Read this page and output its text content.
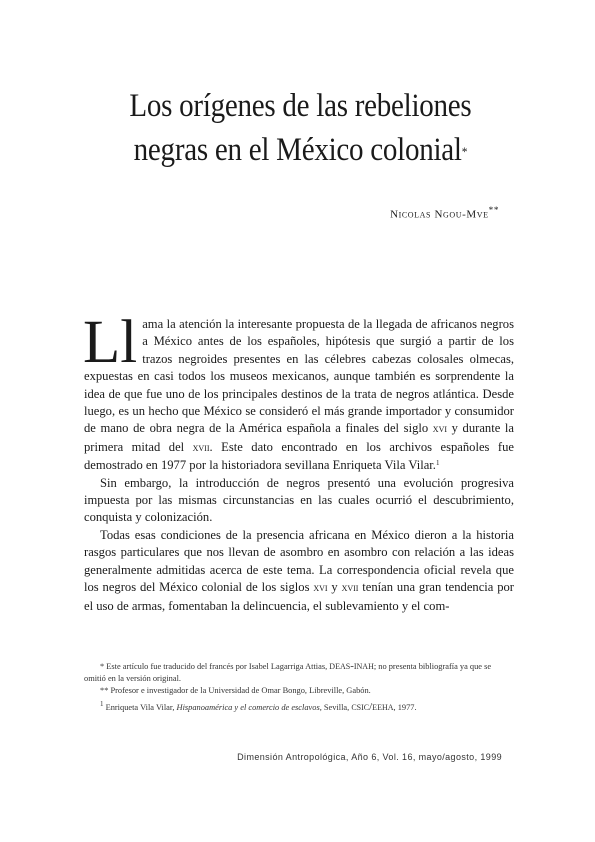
Los orígenes de las rebeliones
negras en el México colonial*
Nicolas Ngou-Mve**

Ll ama la atención la interesante propuesta de la llegada de africanos negros a México antes de los españoles, hipótesis que surgió a partir de los trazos negroides presentes en las célebres cabezas colosales olmecas, expuestas en casi todos los museos mexicanos, aunque también es sorprendente la idea de que fue uno de los principales destinos de la trata de negros atlántica. Desde luego, es un hecho que México se consideró el más grande importador y consumidor de mano de obra negra de la América española a finales del siglo xvi y durante la primera mitad del xvii. Este dato encontrado en los archivos españoles fue demostrado en 1977 por la historiadora sevillana Enriqueta Vila Vilar.$^1$

Sin embargo, la introducción de negros presentó una evolución progresiva impuesta por las mismas circunstancias en las cuales ocurrió el descubrimiento, conquista y colonización.

Todas esas condiciones de la presencia africana en México dieron a la historia rasgos particulares que nos llevan de asombro en asombro con relación a las ideas generalmente admitidas acerca de este tema. La correspondencia oficial revela que los negros del México colonial de los siglos xvi y xvii tenían una gran tendencia por el uso de armas, fomentaban la delincuencia, el sublevamiento y el com-

* Este artículo fue traducido del francés por Isabel Lagarriga Attias, deas-inah; no presenta bibliografía ya que se omitió en la versión original.

** Profesor e investigador de la Universidad de Omar Bongo, Libreville, Gabón.

$^1$ Enriqueta Vila Vilar, Hispanoamérica y el comercio de esclavos, Sevilla, csic/eeha, 1977.

Dimensión Antropológica, Año 6, Vol. 16, mayo/agosto, 1999
